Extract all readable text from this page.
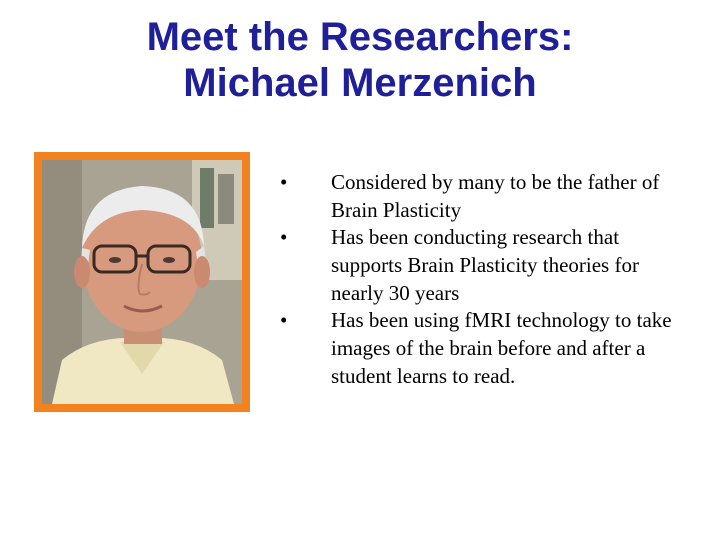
Meet the Researchers:
Michael Merzenich
•	Considered by many to be the father of Brain Plasticity
•	Has been conducting research that supports Brain Plasticity theories for nearly 30 years
•	Has been using fMRI technology to take images of the brain before and after a student learns to read.
